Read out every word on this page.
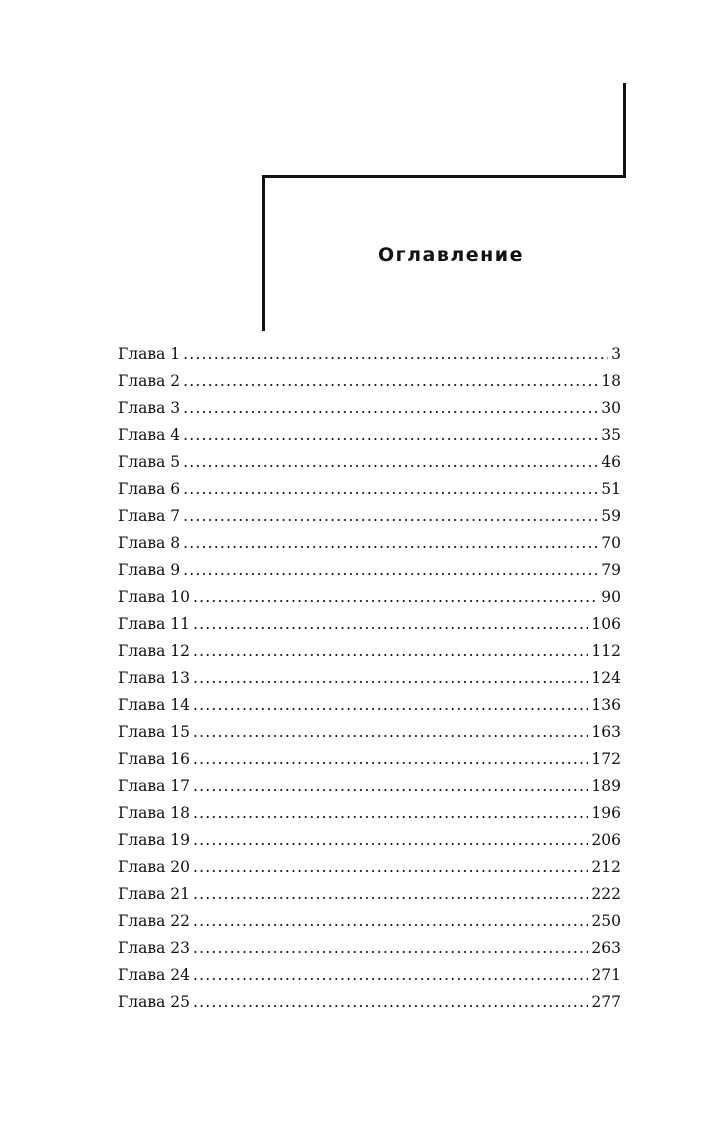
Оглавление
Глава 1 .....	3
Глава 2 .....	18
Глава 3 .....	30
Глава 4 .....	35
Глава 5 .....	46
Глава 6 .....	51
Глава 7 .....	59
Глава 8 .....	70
Глава 9 .....	79
Глава 10 .....	90
Глава 11 .....	106
Глава 12 .....	112
Глава 13 .....	124
Глава 14 .....	136
Глава 15 .....	163
Глава 16 .....	172
Глава 17 .....	189
Глава 18 .....	196
Глава 19 .....	206
Глава 20 .....	212
Глава 21 .....	222
Глава 22 .....	250
Глава 23 .....	263
Глава 24 .....	271
Глава 25 .....	277
